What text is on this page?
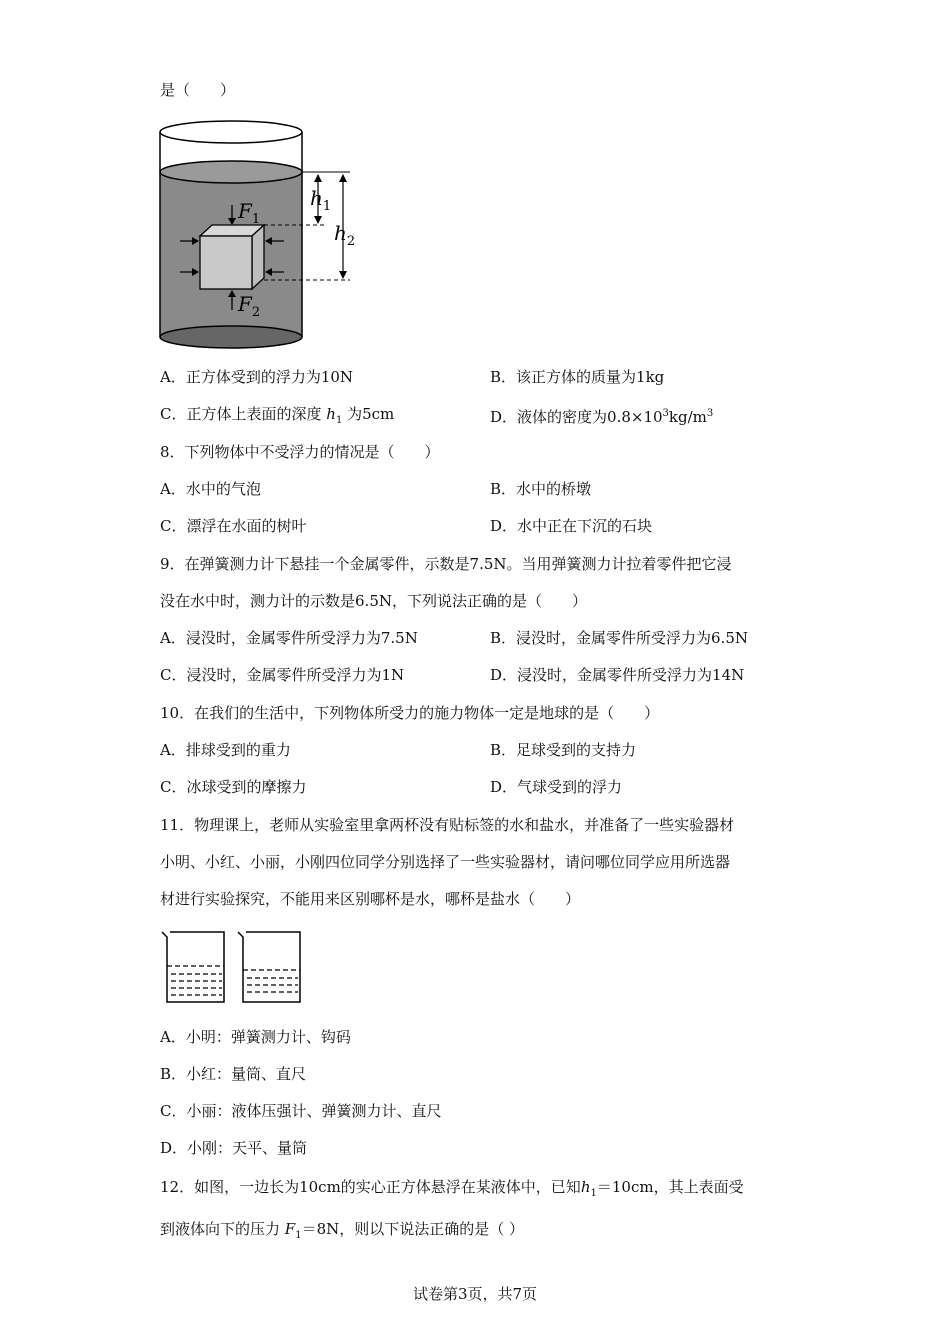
是（　　）
$F_1$
$F_2$
$h_1$
$h_2$
A．正方体受到的浮力为10N	B．该正方体的质量为1kg
C．正方体上表面的深度 $h_1$ 为5cm	D．液体的密度为$0.8\times 10^3kg/m^3$
8．下列物体中不受浮力的情况是（　　）
A．水中的气泡	B．水中的桥墩
C．漂浮在水面的树叶	D．水中正在下沉的石块
9．在弹簧测力计下悬挂一个金属零件，示数是7.5N。当用弹簧测力计拉着零件把它浸
没在水中时，测力计的示数是6.5N，下列说法正确的是（　　）
A．浸没时，金属零件所受浮力为7.5N	B．浸没时，金属零件所受浮力为6.5N
C．浸没时，金属零件所受浮力为1N	D．浸没时，金属零件所受浮力为14N
10．在我们的生活中，下列物体所受力的施力物体一定是地球的是（　　）
A．排球受到的重力	B．足球受到的支持力
C．冰球受到的摩擦力	D．气球受到的浮力
11．物理课上，老师从实验室里拿两杯没有贴标签的水和盐水，并准备了一些实验器材
小明、小红、小丽，小刚四位同学分别选择了一些实验器材，请问哪位同学应用所选器
材进行实验探究，不能用来区别哪杯是水，哪杯是盐水（　　）
A．小明：弹簧测力计、钩码
B．小红：量筒、直尺
C．小丽：液体压强计、弹簧测力计、直尺
D．小刚：天平、量筒
12．如图，一边长为10cm的实心正方体悬浮在某液体中，已知$h_1=10cm$，其上表面受
到液体向下的压力 $F_1=8N$，则以下说法正确的是（ ）
试卷第3页，共7页
